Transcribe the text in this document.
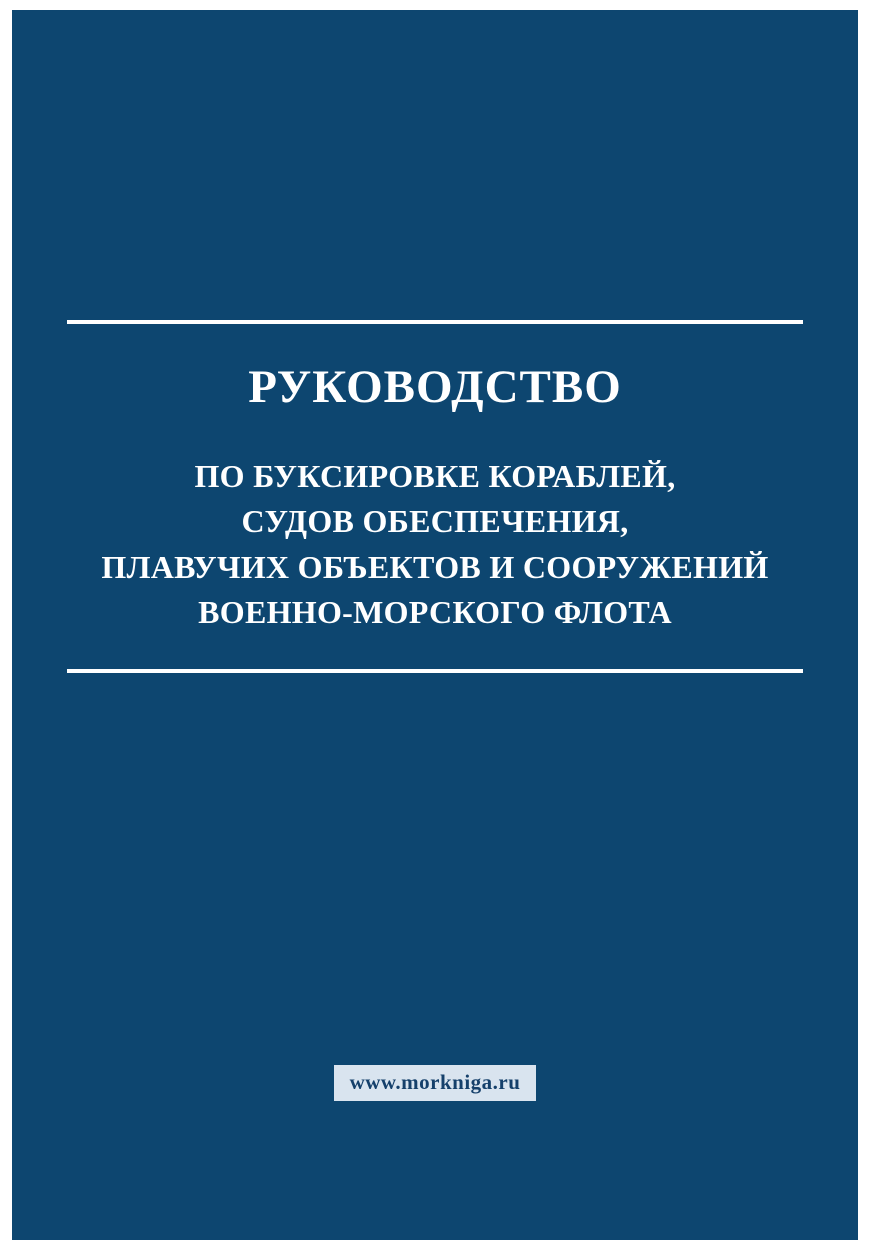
РУКОВОДСТВО
ПО БУКСИРОВКЕ КОРАБЛЕЙ,
СУДОВ ОБЕСПЕЧЕНИЯ,
ПЛАВУЧИХ ОБЪЕКТОВ И СООРУЖЕНИЙ
ВОЕННО-МОРСКОГО ФЛОТА
www.morkniga.ru
